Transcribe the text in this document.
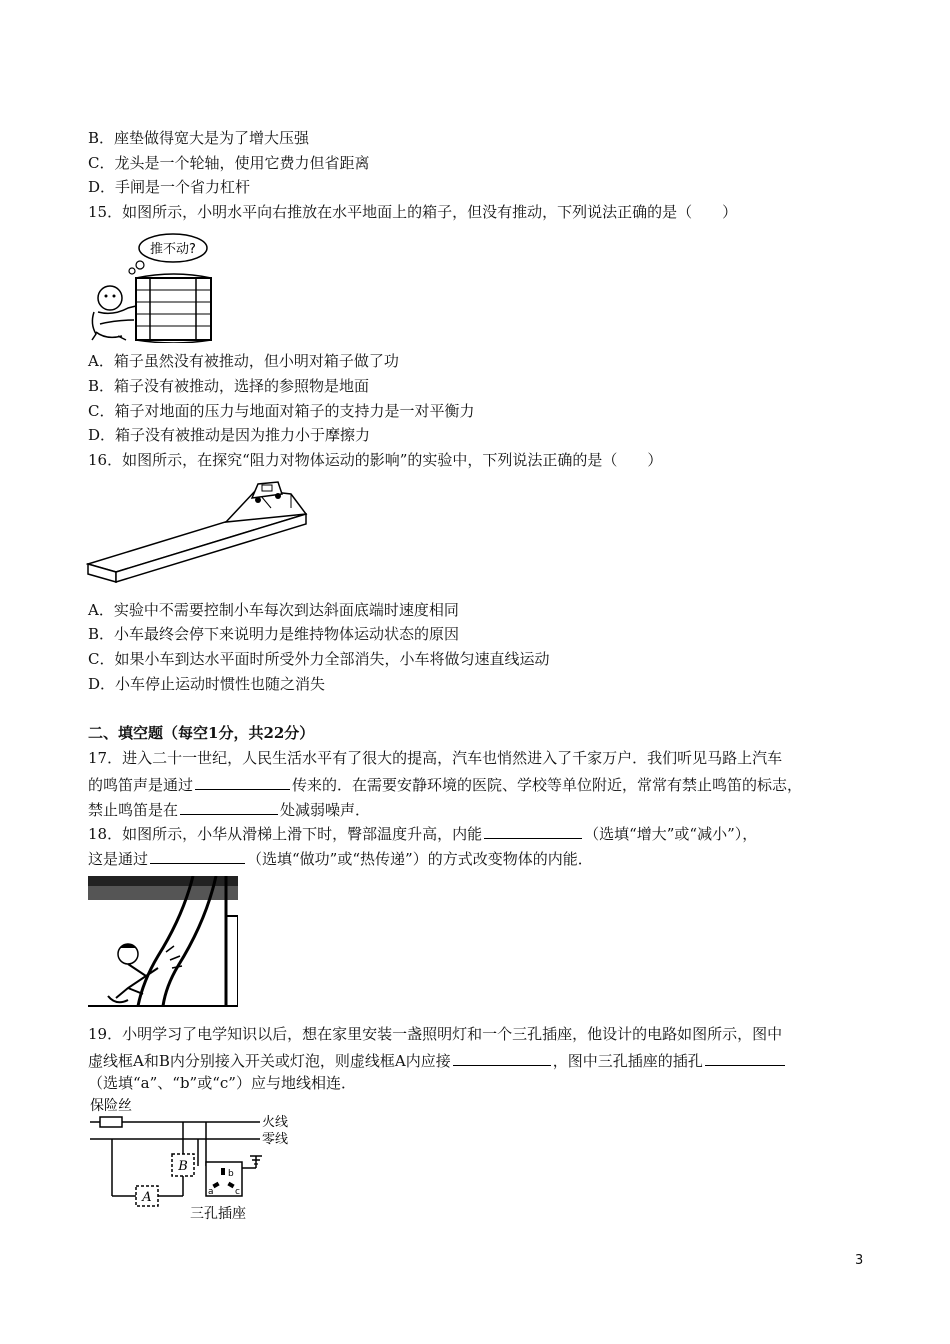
B．座垫做得宽大是为了增大压强
C．龙头是一个轮轴，使用它费力但省距离
D．手闸是一个省力杠杆
15．如图所示，小明水平向右推放在水平地面上的箱子，但没有推动，下列说法正确的是（　　）
推不动?
A．箱子虽然没有被推动，但小明对箱子做了功
B．箱子没有被推动，选择的参照物是地面
C．箱子对地面的压力与地面对箱子的支持力是一对平衡力
D．箱子没有被推动是因为推力小于摩擦力
16．如图所示，在探究“阻力对物体运动的影响”的实验中，下列说法正确的是（　　）
A．实验中不需要控制小车每次到达斜面底端时速度相同
B．小车最终会停下来说明力是维持物体运动状态的原因
C．如果小车到达水平面时所受外力全部消失，小车将做匀速直线运动
D．小车停止运动时惯性也随之消失
二、填空题（每空1分，共22分）
17．进入二十一世纪，人民生活水平有了很大的提高，汽车也悄然进入了千家万户．我们听见马路上汽车
的鸣笛声是通过	传来的．在需要安静环境的医院、学校等单位附近，常常有禁止鸣笛的标志，
禁止鸣笛是在	处减弱噪声．
18．如图所示，小华从滑梯上滑下时，臀部温度升高，内能	（选填“增大”或“减小”），
这是通过	（选填“做功”或“热传递”）的方式改变物体的内能．
19．小明学习了电学知识以后，想在家里安装一盏照明灯和一个三孔插座，他设计的电路如图所示，图中
虚线框A和B内分别接入开关或灯泡，则虚线框A内应接	，图中三孔插座的插孔
（选填“a”、“b”或“c”）应与地线相连．
保险丝
火线
零线
三孔插座
B
A
b
a c
3
